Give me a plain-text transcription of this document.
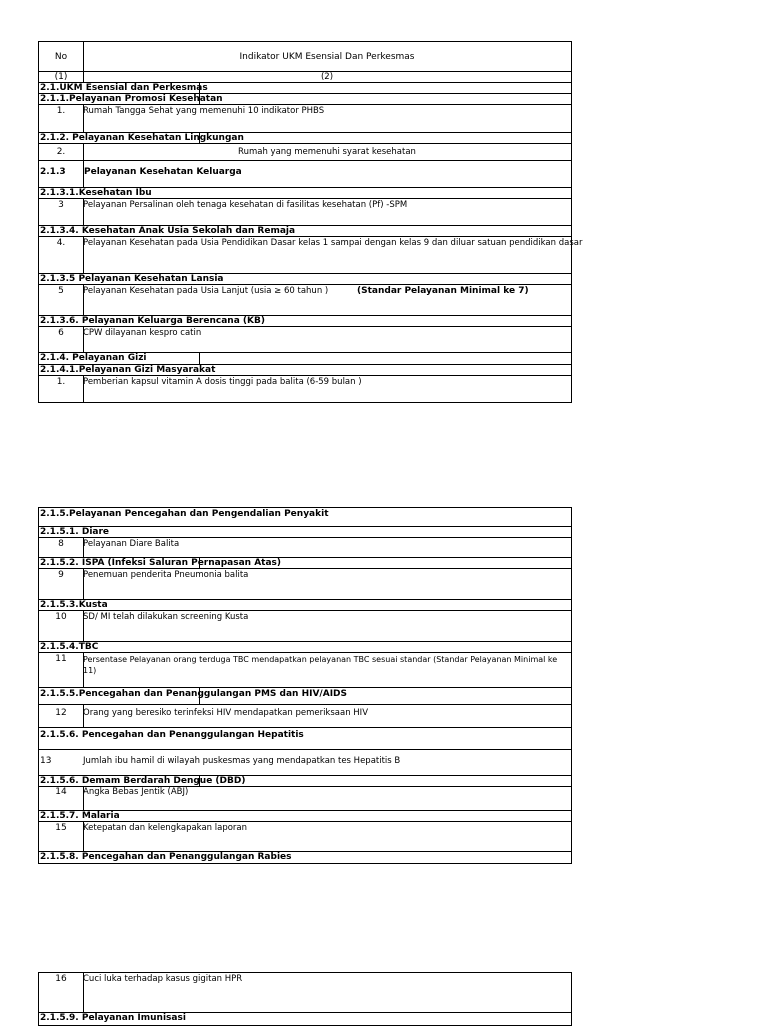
No	Indikator UKM Esensial Dan Perkesmas
(1)	(2)
2.1.UKM Esensial dan Perkesmas
2.1.1.Pelayanan Promosi Kesehatan
1.	Rumah Tangga Sehat yang memenuhi 10 indikator PHBS
2.1.2. Pelayanan Kesehatan Lingkungan
2.	Rumah yang memenuhi syarat kesehatan
2.1.3 Pelayanan Kesehatan Keluarga
2.1.3.1.Kesehatan Ibu
3	Pelayanan Persalinan oleh tenaga kesehatan di fasilitas kesehatan (Pf) -SPM
2.1.3.4. Kesehatan Anak Usia Sekolah dan Remaja
4.	Pelayanan Kesehatan pada Usia Pendidikan Dasar kelas 1 sampai dengan kelas 9 dan diluar satuan pendidikan dasar
2.1.3.5 Pelayanan Kesehatan Lansia
5	Pelayanan Kesehatan pada Usia Lanjut (usia ≥ 60 tahun )	(Standar Pelayanan Minimal ke 7)
2.1.3.6. Pelayanan Keluarga Berencana (KB)
6	CPW dilayanan kespro catin
2.1.4. Pelayanan Gizi
2.1.4.1.Pelayanan Gizi Masyarakat
1.	Pemberian kapsul vitamin A dosis tinggi pada balita (6-59 bulan )
2.1.5.Pelayanan Pencegahan dan Pengendalian Penyakit
2.1.5.1. Diare
8	Pelayanan Diare Balita
2.1.5.2. ISPA (Infeksi Saluran Pernapasan Atas)
9	Penemuan penderita Pneumonia balita
2.1.5.3.Kusta
10	SD/ MI telah dilakukan screening Kusta
2.1.5.4.TBC
11	Persentase Pelayanan orang terduga TBC mendapatkan pelayanan TBC sesuai standar (Standar Pelayanan Minimal ke 11)
2.1.5.5.Pencegahan dan Penanggulangan PMS dan HIV/AIDS
12	Orang yang beresiko terinfeksi HIV mendapatkan pemeriksaan HIV
2.1.5.6. Pencegahan dan Penanggulangan Hepatitis
13	Jumlah ibu hamil di wilayah puskesmas yang mendapatkan tes Hepatitis B
2.1.5.6. Demam Berdarah Dengue (DBD)
14	Angka Bebas Jentik (ABJ)
2.1.5.7. Malaria
15	Ketepatan dan kelengkapakan laporan
2.1.5.8. Pencegahan dan Penanggulangan Rabies
16	Cuci luka terhadap kasus gigitan HPR
2.1.5.9. Pelayanan Imunisasi
